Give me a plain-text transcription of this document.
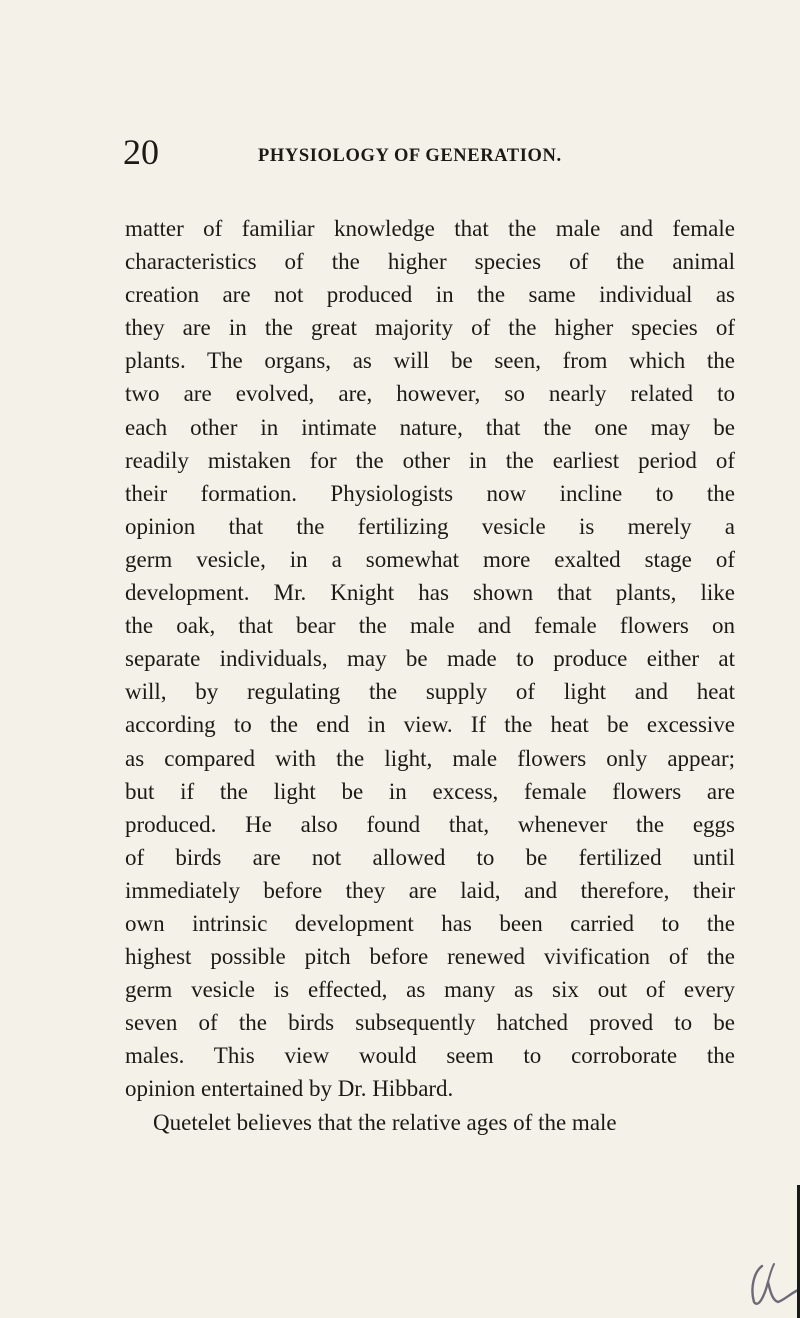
20	PHYSIOLOGY OF GENERATION.
matter of familiar knowledge that the male and female
characteristics of the higher species of the animal
creation are not produced in the same individual as
they are in the great majority of the higher species of
plants. The organs, as will be seen, from which the
two are evolved, are, however, so nearly related to
each other in intimate nature, that the one may be
readily mistaken for the other in the earliest period of
their formation. Physiologists now incline to the
opinion that the fertilizing vesicle is merely a
germ vesicle, in a somewhat more exalted stage of
development. Mr. Knight has shown that plants, like
the oak, that bear the male and female flowers on
separate individuals, may be made to produce either at
will, by regulating the supply of light and heat
according to the end in view. If the heat be excessive
as compared with the light, male flowers only appear;
but if the light be in excess, female flowers are
produced. He also found that, whenever the eggs
of birds are not allowed to be fertilized until
immediately before they are laid, and therefore, their
own intrinsic development has been carried to the
highest possible pitch before renewed vivification of the
germ vesicle is effected, as many as six out of every
seven of the birds subsequently hatched proved to be
males. This view would seem to corroborate the
opinion entertained by Dr. Hibbard.
Quetelet believes that the relative ages of the male
